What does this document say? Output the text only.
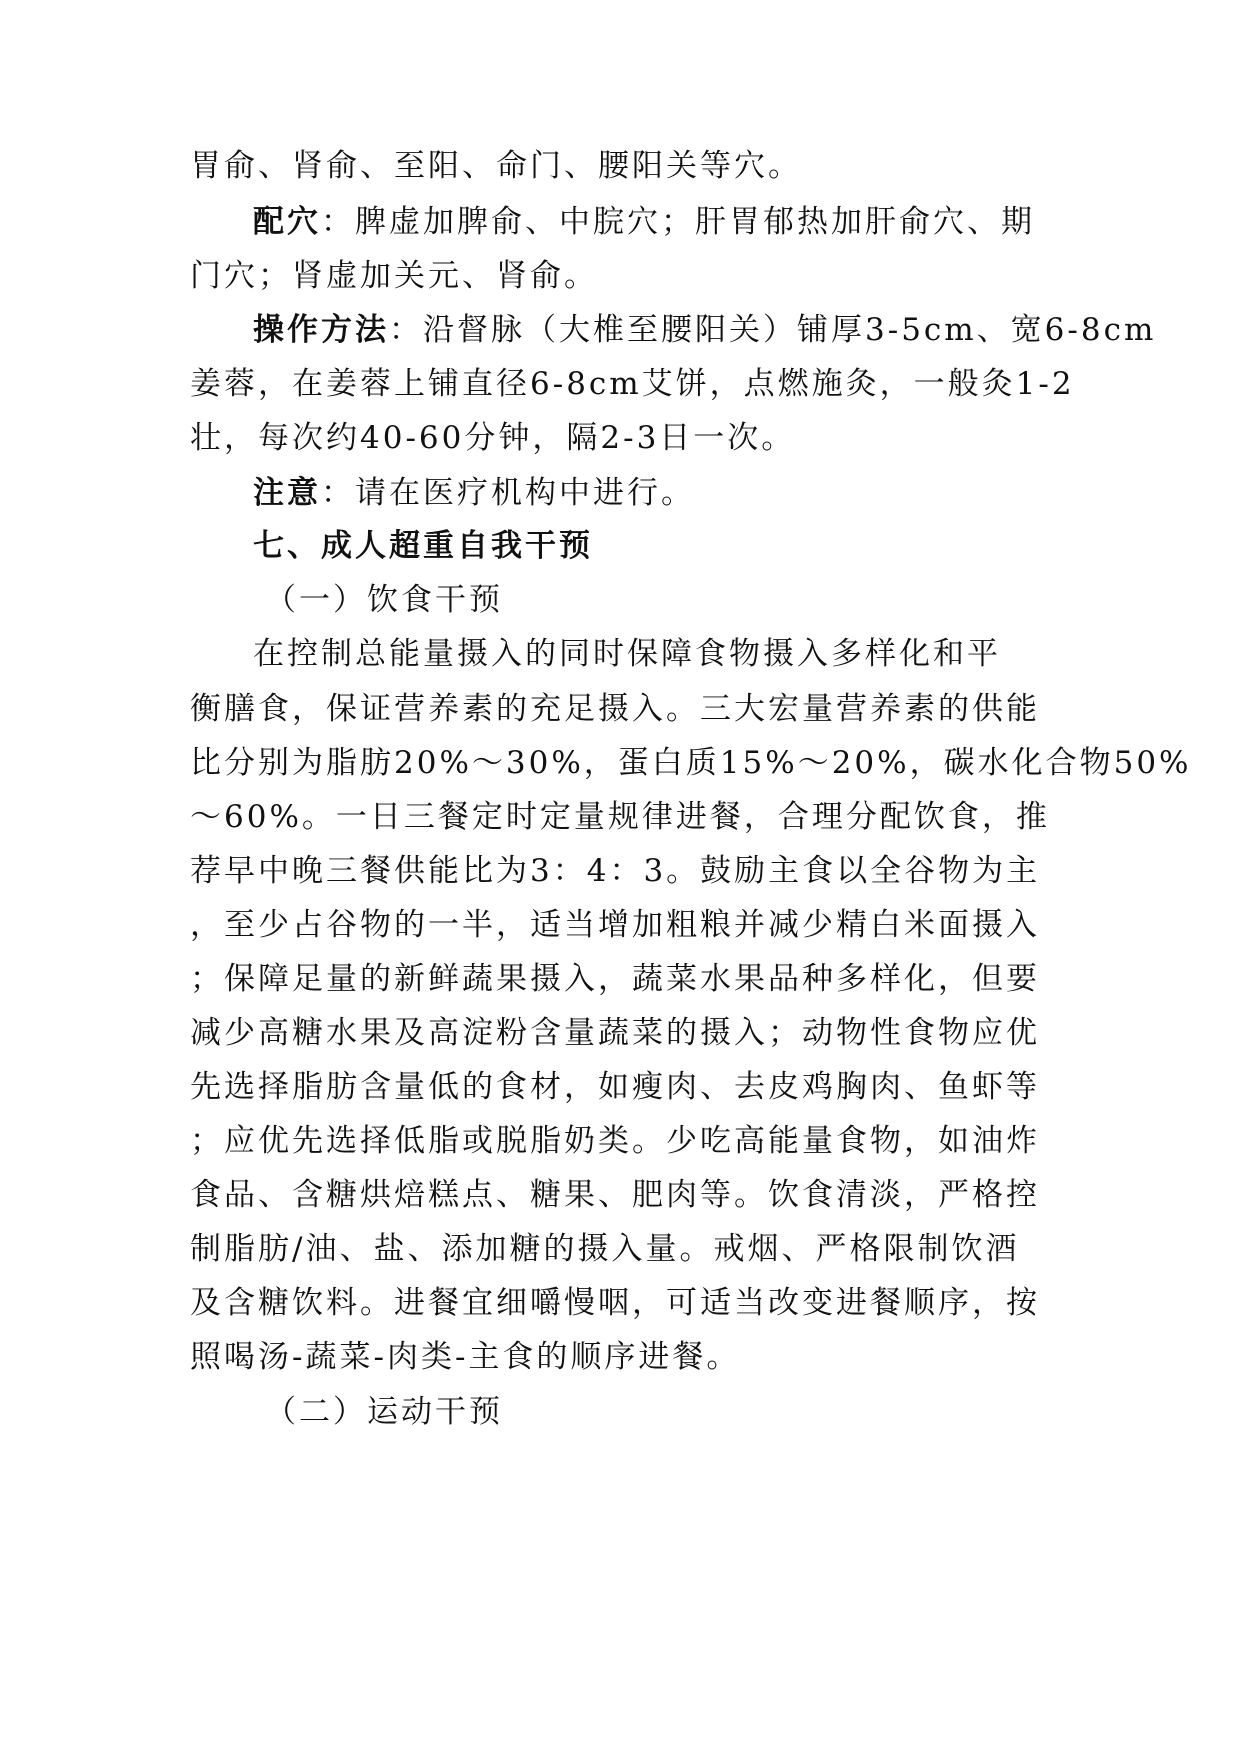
胃俞、肾俞、至阳、命门、腰阳关等穴。
配穴：脾虚加脾俞、中脘穴；肝胃郁热加肝俞穴、期
门穴；肾虚加关元、肾俞。
操作方法：沿督脉（大椎至腰阳关）铺厚3-5cm、宽6-8cm
姜蓉，在姜蓉上铺直径6-8cm艾饼，点燃施灸，一般灸1-2
壮，每次约40-60分钟，隔2-3日一次。
注意：请在医疗机构中进行。
七、成人超重自我干预
（一）饮食干预
在控制总能量摄入的同时保障食物摄入多样化和平
衡膳食，保证营养素的充足摄入。三大宏量营养素的供能
比分别为脂肪20%～30%，蛋白质15%～20%，碳水化合物50%
～60%。一日三餐定时定量规律进餐，合理分配饮食，推
荐早中晚三餐供能比为3：4：3。鼓励主食以全谷物为主
，至少占谷物的一半，适当增加粗粮并减少精白米面摄入
；保障足量的新鲜蔬果摄入，蔬菜水果品种多样化，但要
减少高糖水果及高淀粉含量蔬菜的摄入；动物性食物应优
先选择脂肪含量低的食材，如瘦肉、去皮鸡胸肉、鱼虾等
；应优先选择低脂或脱脂奶类。少吃高能量食物，如油炸
食品、含糖烘焙糕点、糖果、肥肉等。饮食清淡，严格控
制脂肪/油、盐、添加糖的摄入量。戒烟、严格限制饮酒
及含糖饮料。进餐宜细嚼慢咽，可适当改变进餐顺序，按
照喝汤-蔬菜-肉类-主食的顺序进餐。
（二）运动干预
